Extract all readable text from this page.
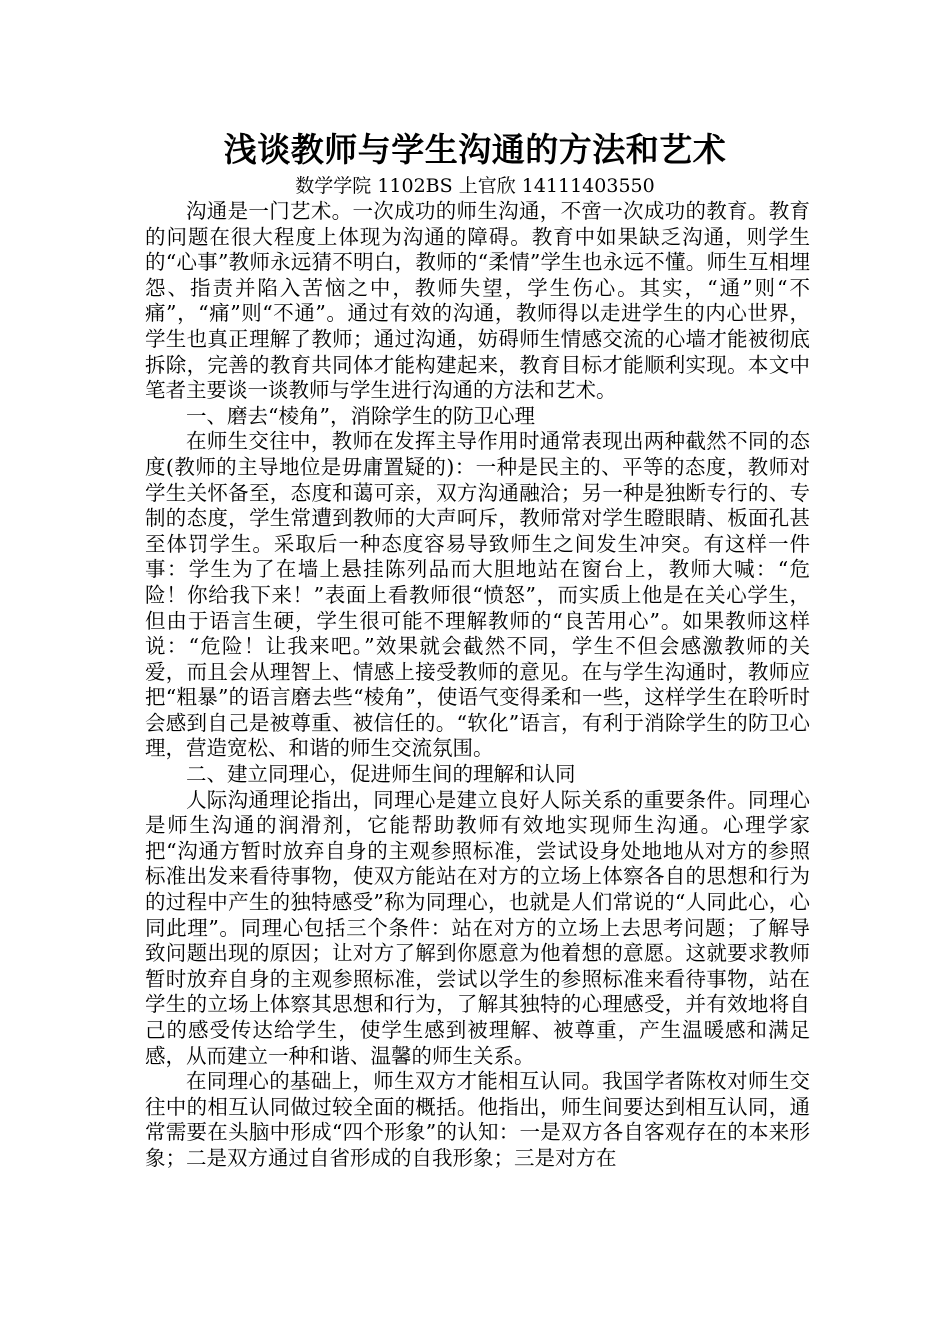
浅谈教师与学生沟通的方法和艺术
数学学院 1102BS 上官欣 14111403550

沟通是一门艺术。一次成功的师生沟通，不啻一次成功的教育。教育的问题在很大程度上体现为沟通的障碍。教育中如果缺乏沟通，则学生的“心事”教师永远猜不明白，教师的“柔情”学生也永远不懂。师生互相埋怨、指责并陷入苦恼之中，教师失望，学生伤心。其实，“通”则“不痛”，“痛”则“不通”。通过有效的沟通，教师得以走进学生的内心世界，学生也真正理解了教师；通过沟通，妨碍师生情感交流的心墙才能被彻底拆除，完善的教育共同体才能构建起来，教育目标才能顺利实现。本文中笔者主要谈一谈教师与学生进行沟通的方法和艺术。

一、磨去“棱角”，消除学生的防卫心理

在师生交往中，教师在发挥主导作用时通常表现出两种截然不同的态度(教师的主导地位是毋庸置疑的)：一种是民主的、平等的态度，教师对学生关怀备至，态度和蔼可亲，双方沟通融洽；另一种是独断专行的、专制的态度，学生常遭到教师的大声呵斥，教师常对学生瞪眼睛、板面孔甚至体罚学生。采取后一种态度容易导致师生之间发生冲突。有这样一件事：学生为了在墙上悬挂陈列品而大胆地站在窗台上，教师大喊：“危险！你给我下来！”表面上看教师很“愤怒”，而实质上他是在关心学生，但由于语言生硬，学生很可能不理解教师的“良苦用心”。如果教师这样说：“危险！让我来吧。”效果就会截然不同，学生不但会感激教师的关爱，而且会从理智上、情感上接受教师的意见。在与学生沟通时，教师应把“粗暴”的语言磨去些“棱角”，使语气变得柔和一些，这样学生在聆听时会感到自己是被尊重、被信任的。“软化”语言，有利于消除学生的防卫心理，营造宽松、和谐的师生交流氛围。

二、建立同理心，促进师生间的理解和认同

人际沟通理论指出，同理心是建立良好人际关系的重要条件。同理心是师生沟通的润滑剂，它能帮助教师有效地实现师生沟通。心理学家把“沟通方暂时放弃自身的主观参照标准，尝试设身处地地从对方的参照标准出发来看待事物，使双方能站在对方的立场上体察各自的思想和行为的过程中产生的独特感受”称为同理心，也就是人们常说的“人同此心，心同此理”。同理心包括三个条件：站在对方的立场上去思考问题；了解导致问题出现的原因；让对方了解到你愿意为他着想的意愿。这就要求教师暂时放弃自身的主观参照标准，尝试以学生的参照标准来看待事物，站在学生的立场上体察其思想和行为，了解其独特的心理感受，并有效地将自己的感受传达给学生，使学生感到被理解、被尊重，产生温暖感和满足感，从而建立一种和谐、温馨的师生关系。

在同理心的基础上，师生双方才能相互认同。我国学者陈枚对师生交往中的相互认同做过较全面的概括。他指出，师生间要达到相互认同，通常需要在头脑中形成“四个形象”的认知：一是双方各自客观存在的本来形象；二是双方通过自省形成的自我形象；三是对方在
